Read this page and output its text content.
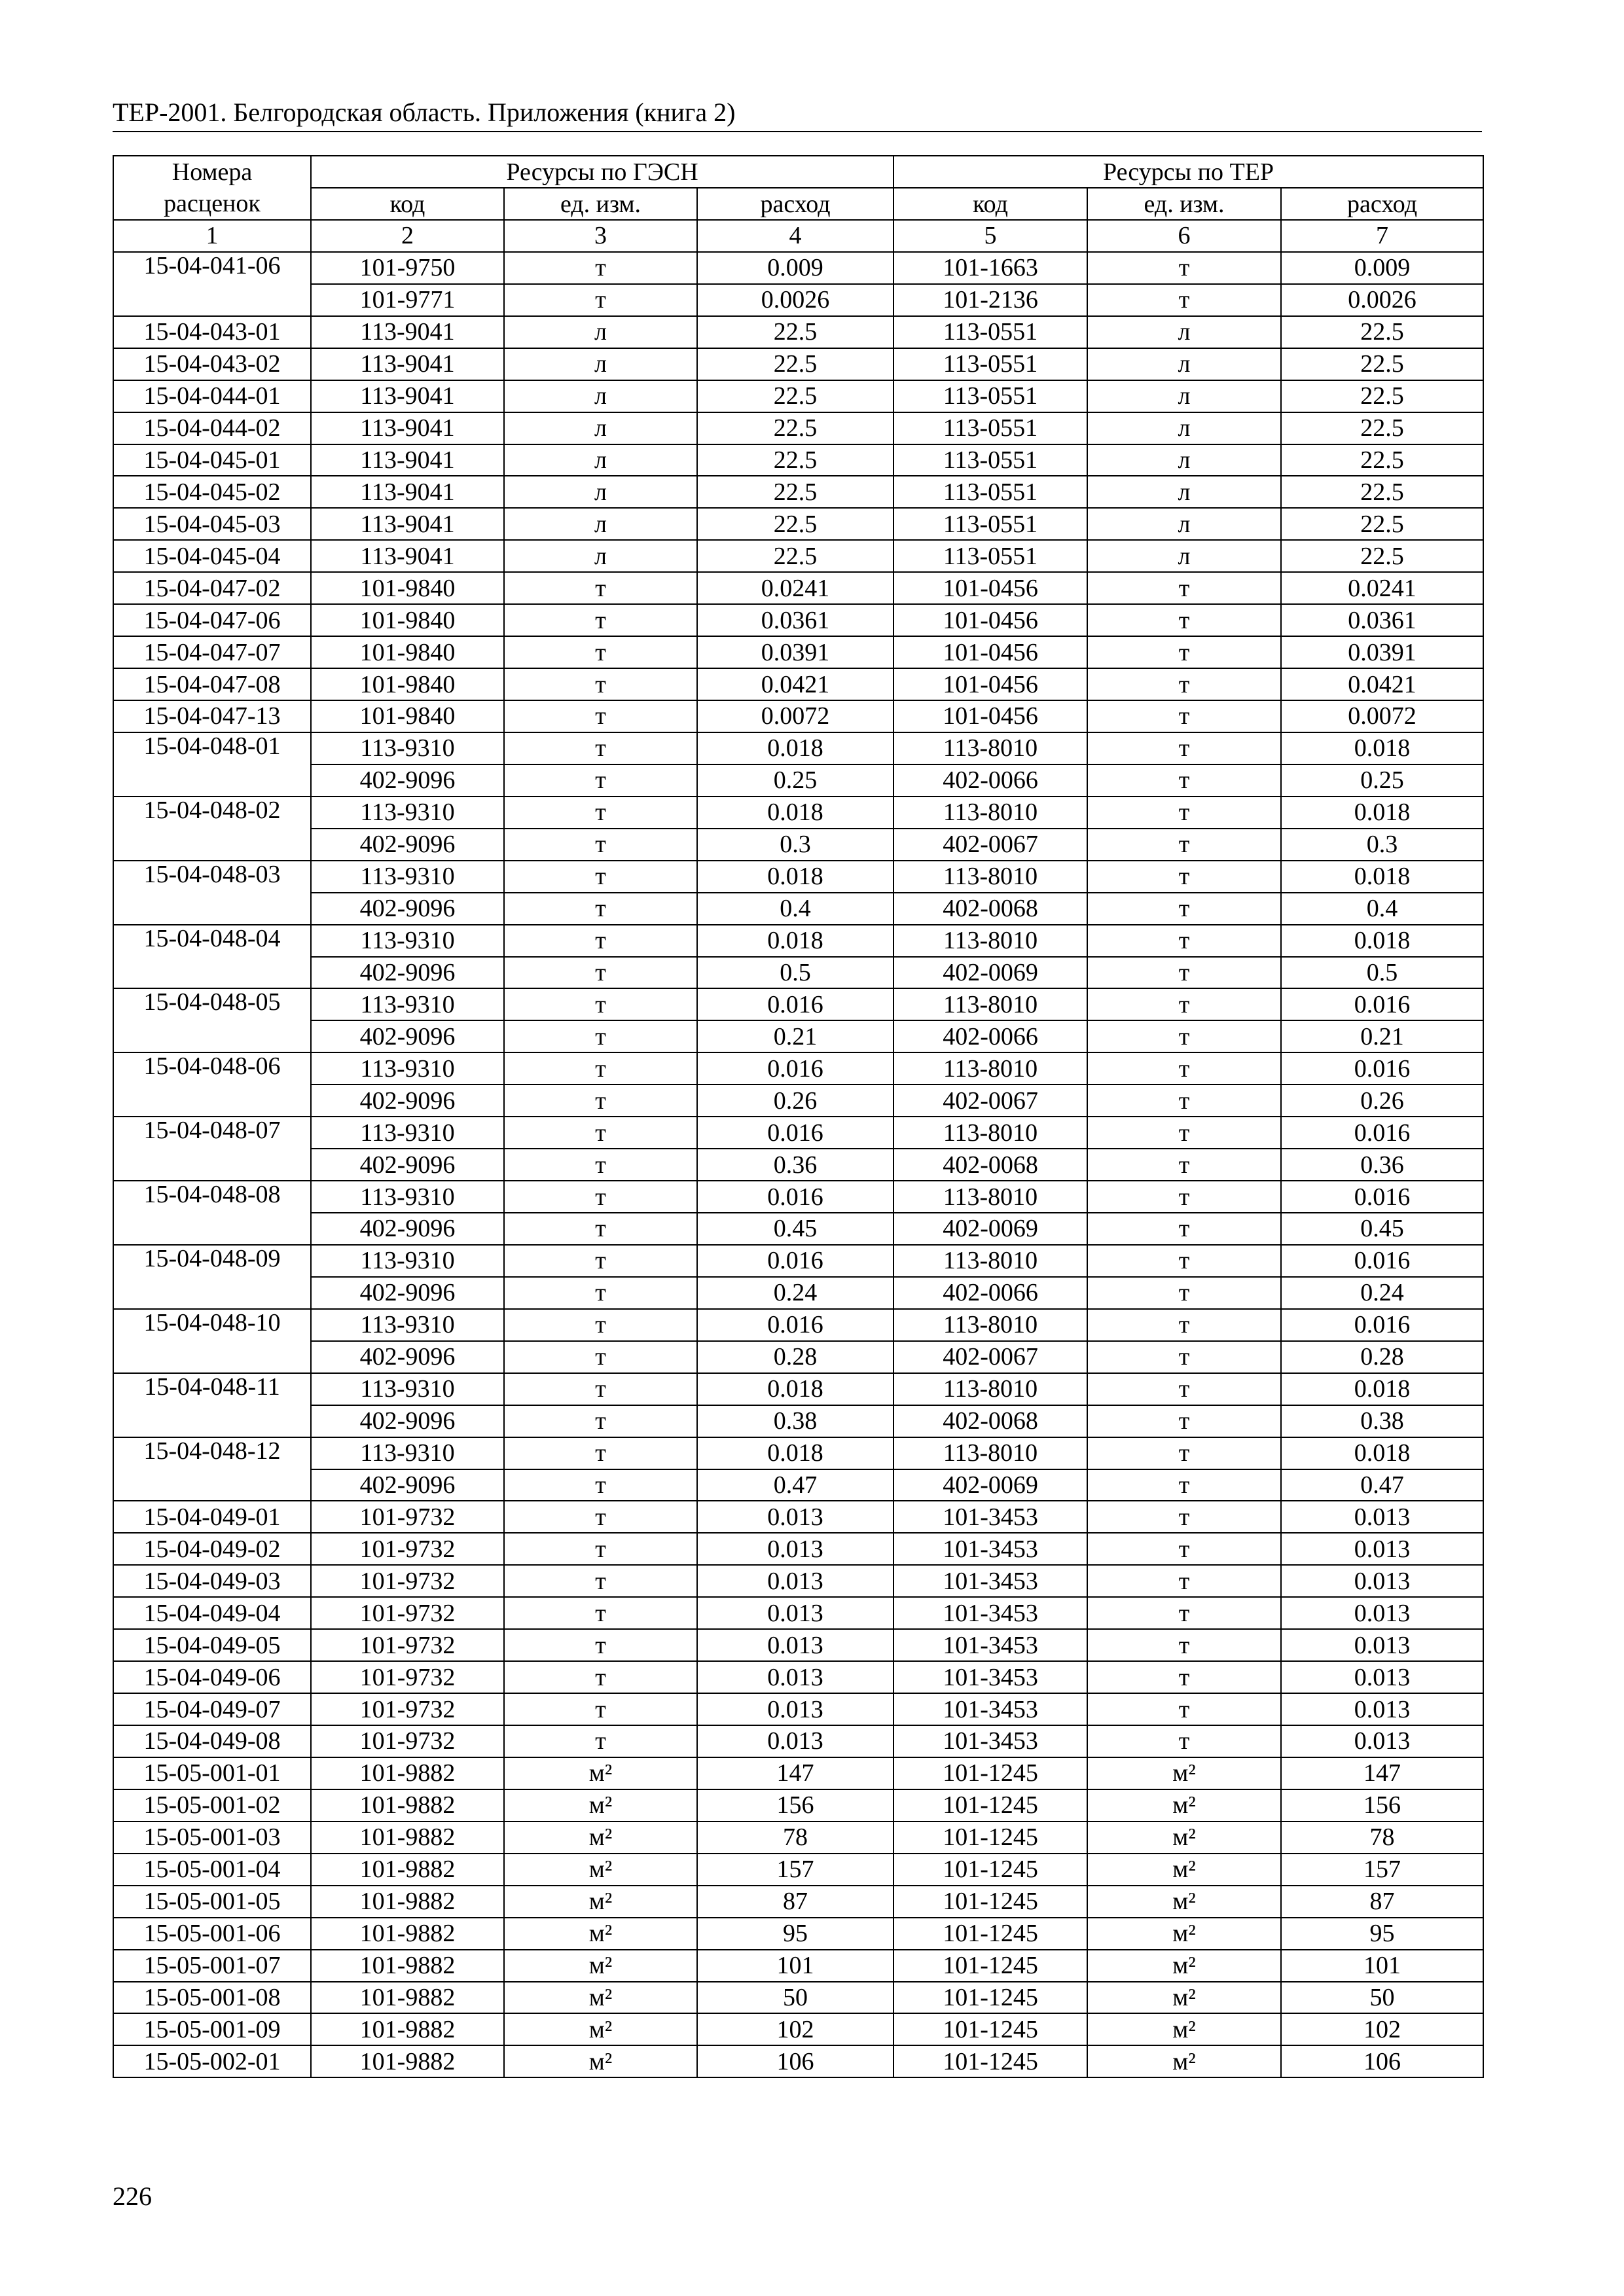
ТЕР-2001. Белгородская область. Приложения (книга 2)
Номера расценок	Ресурсы по ГЭСН			Ресурсы по ТЕР		
	код	ед. изм.	расход	код	ед. изм.	расход
1	2	3	4	5	6	7
15-04-041-06	101-9750	т	0.009	101-1663	т	0.009
	101-9771	т	0.0026	101-2136	т	0.0026
15-04-043-01	113-9041	л	22.5	113-0551	л	22.5
15-04-043-02	113-9041	л	22.5	113-0551	л	22.5
15-04-044-01	113-9041	л	22.5	113-0551	л	22.5
15-04-044-02	113-9041	л	22.5	113-0551	л	22.5
15-04-045-01	113-9041	л	22.5	113-0551	л	22.5
15-04-045-02	113-9041	л	22.5	113-0551	л	22.5
15-04-045-03	113-9041	л	22.5	113-0551	л	22.5
15-04-045-04	113-9041	л	22.5	113-0551	л	22.5
15-04-047-02	101-9840	т	0.0241	101-0456	т	0.0241
15-04-047-06	101-9840	т	0.0361	101-0456	т	0.0361
15-04-047-07	101-9840	т	0.0391	101-0456	т	0.0391
15-04-047-08	101-9840	т	0.0421	101-0456	т	0.0421
15-04-047-13	101-9840	т	0.0072	101-0456	т	0.0072
15-04-048-01	113-9310	т	0.018	113-8010	т	0.018
	402-9096	т	0.25	402-0066	т	0.25
15-04-048-02	113-9310	т	0.018	113-8010	т	0.018
	402-9096	т	0.3	402-0067	т	0.3
15-04-048-03	113-9310	т	0.018	113-8010	т	0.018
	402-9096	т	0.4	402-0068	т	0.4
15-04-048-04	113-9310	т	0.018	113-8010	т	0.018
	402-9096	т	0.5	402-0069	т	0.5
15-04-048-05	113-9310	т	0.016	113-8010	т	0.016
	402-9096	т	0.21	402-0066	т	0.21
15-04-048-06	113-9310	т	0.016	113-8010	т	0.016
	402-9096	т	0.26	402-0067	т	0.26
15-04-048-07	113-9310	т	0.016	113-8010	т	0.016
	402-9096	т	0.36	402-0068	т	0.36
15-04-048-08	113-9310	т	0.016	113-8010	т	0.016
	402-9096	т	0.45	402-0069	т	0.45
15-04-048-09	113-9310	т	0.016	113-8010	т	0.016
	402-9096	т	0.24	402-0066	т	0.24
15-04-048-10	113-9310	т	0.016	113-8010	т	0.016
	402-9096	т	0.28	402-0067	т	0.28
15-04-048-11	113-9310	т	0.018	113-8010	т	0.018
	402-9096	т	0.38	402-0068	т	0.38
15-04-048-12	113-9310	т	0.018	113-8010	т	0.018
	402-9096	т	0.47	402-0069	т	0.47
15-04-049-01	101-9732	т	0.013	101-3453	т	0.013
15-04-049-02	101-9732	т	0.013	101-3453	т	0.013
15-04-049-03	101-9732	т	0.013	101-3453	т	0.013
15-04-049-04	101-9732	т	0.013	101-3453	т	0.013
15-04-049-05	101-9732	т	0.013	101-3453	т	0.013
15-04-049-06	101-9732	т	0.013	101-3453	т	0.013
15-04-049-07	101-9732	т	0.013	101-3453	т	0.013
15-04-049-08	101-9732	т	0.013	101-3453	т	0.013
15-05-001-01	101-9882	м²	147	101-1245	м²	147
15-05-001-02	101-9882	м²	156	101-1245	м²	156
15-05-001-03	101-9882	м²	78	101-1245	м²	78
15-05-001-04	101-9882	м²	157	101-1245	м²	157
15-05-001-05	101-9882	м²	87	101-1245	м²	87
15-05-001-06	101-9882	м²	95	101-1245	м²	95
15-05-001-07	101-9882	м²	101	101-1245	м²	101
15-05-001-08	101-9882	м²	50	101-1245	м²	50
15-05-001-09	101-9882	м²	102	101-1245	м²	102
15-05-002-01	101-9882	м²	106	101-1245	м²	106
226
